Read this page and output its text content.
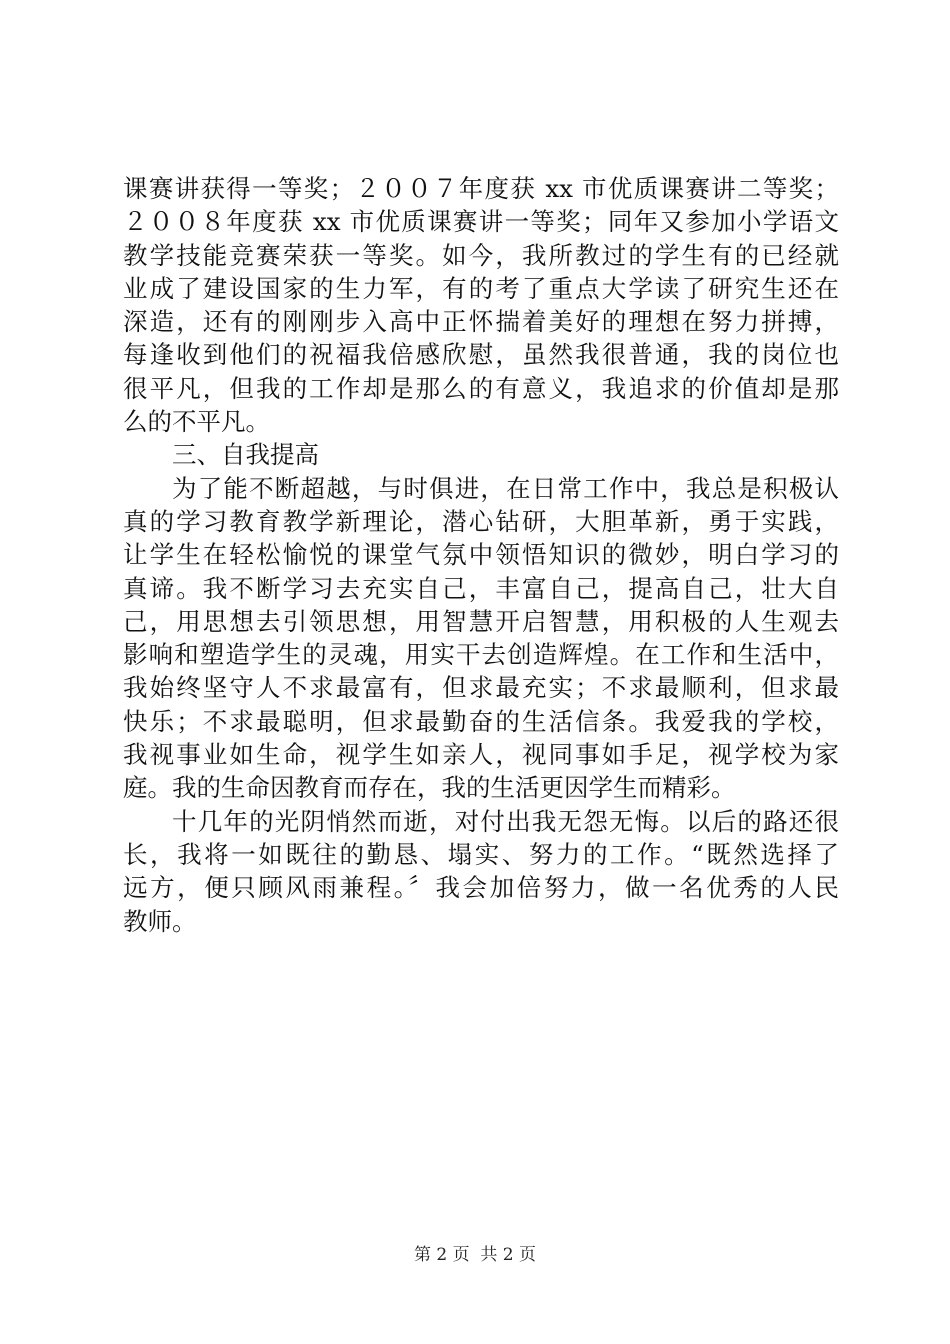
课赛讲获得一等奖；２００７年度获 xx 市优质课赛讲二等奖；
２００８年度获 xx 市优质课赛讲一等奖；同年又参加小学语文
教学技能竞赛荣获一等奖。如今，我所教过的学生有的已经就
业成了建设国家的生力军，有的考了重点大学读了研究生还在
深造，还有的刚刚步入高中正怀揣着美好的理想在努力拼搏，
每逢收到他们的祝福我倍感欣慰，虽然我很普通，我的岗位也
很平凡，但我的工作却是那么的有意义，我追求的价值却是那
么的不平凡。
三、自我提高
为了能不断超越，与时俱进，在日常工作中，我总是积极认
真的学习教育教学新理论，潜心钻研，大胆革新，勇于实践，
让学生在轻松愉悦的课堂气氛中领悟知识的微妙，明白学习的
真谛。我不断学习去充实自己，丰富自己，提高自己，壮大自
己，用思想去引领思想，用智慧开启智慧，用积极的人生观去
影响和塑造学生的灵魂，用实干去创造辉煌。在工作和生活中，
我始终坚守人不求最富有，但求最充实；不求最顺利，但求最
快乐；不求最聪明，但求最勤奋的生活信条。我爱我的学校，
我视事业如生命，视学生如亲人，视同事如手足，视学校为家
庭。我的生命因教育而存在，我的生活更因学生而精彩。
十几年的光阴悄然而逝，对付出我无怨无悔。以后的路还很
长，我将一如既往的勤恳、塌实、努力的工作。“既然选择了
远方，便只顾风雨兼程。〞我会加倍努力，做一名优秀的人民
教师。
第 2 页  共 2 页
